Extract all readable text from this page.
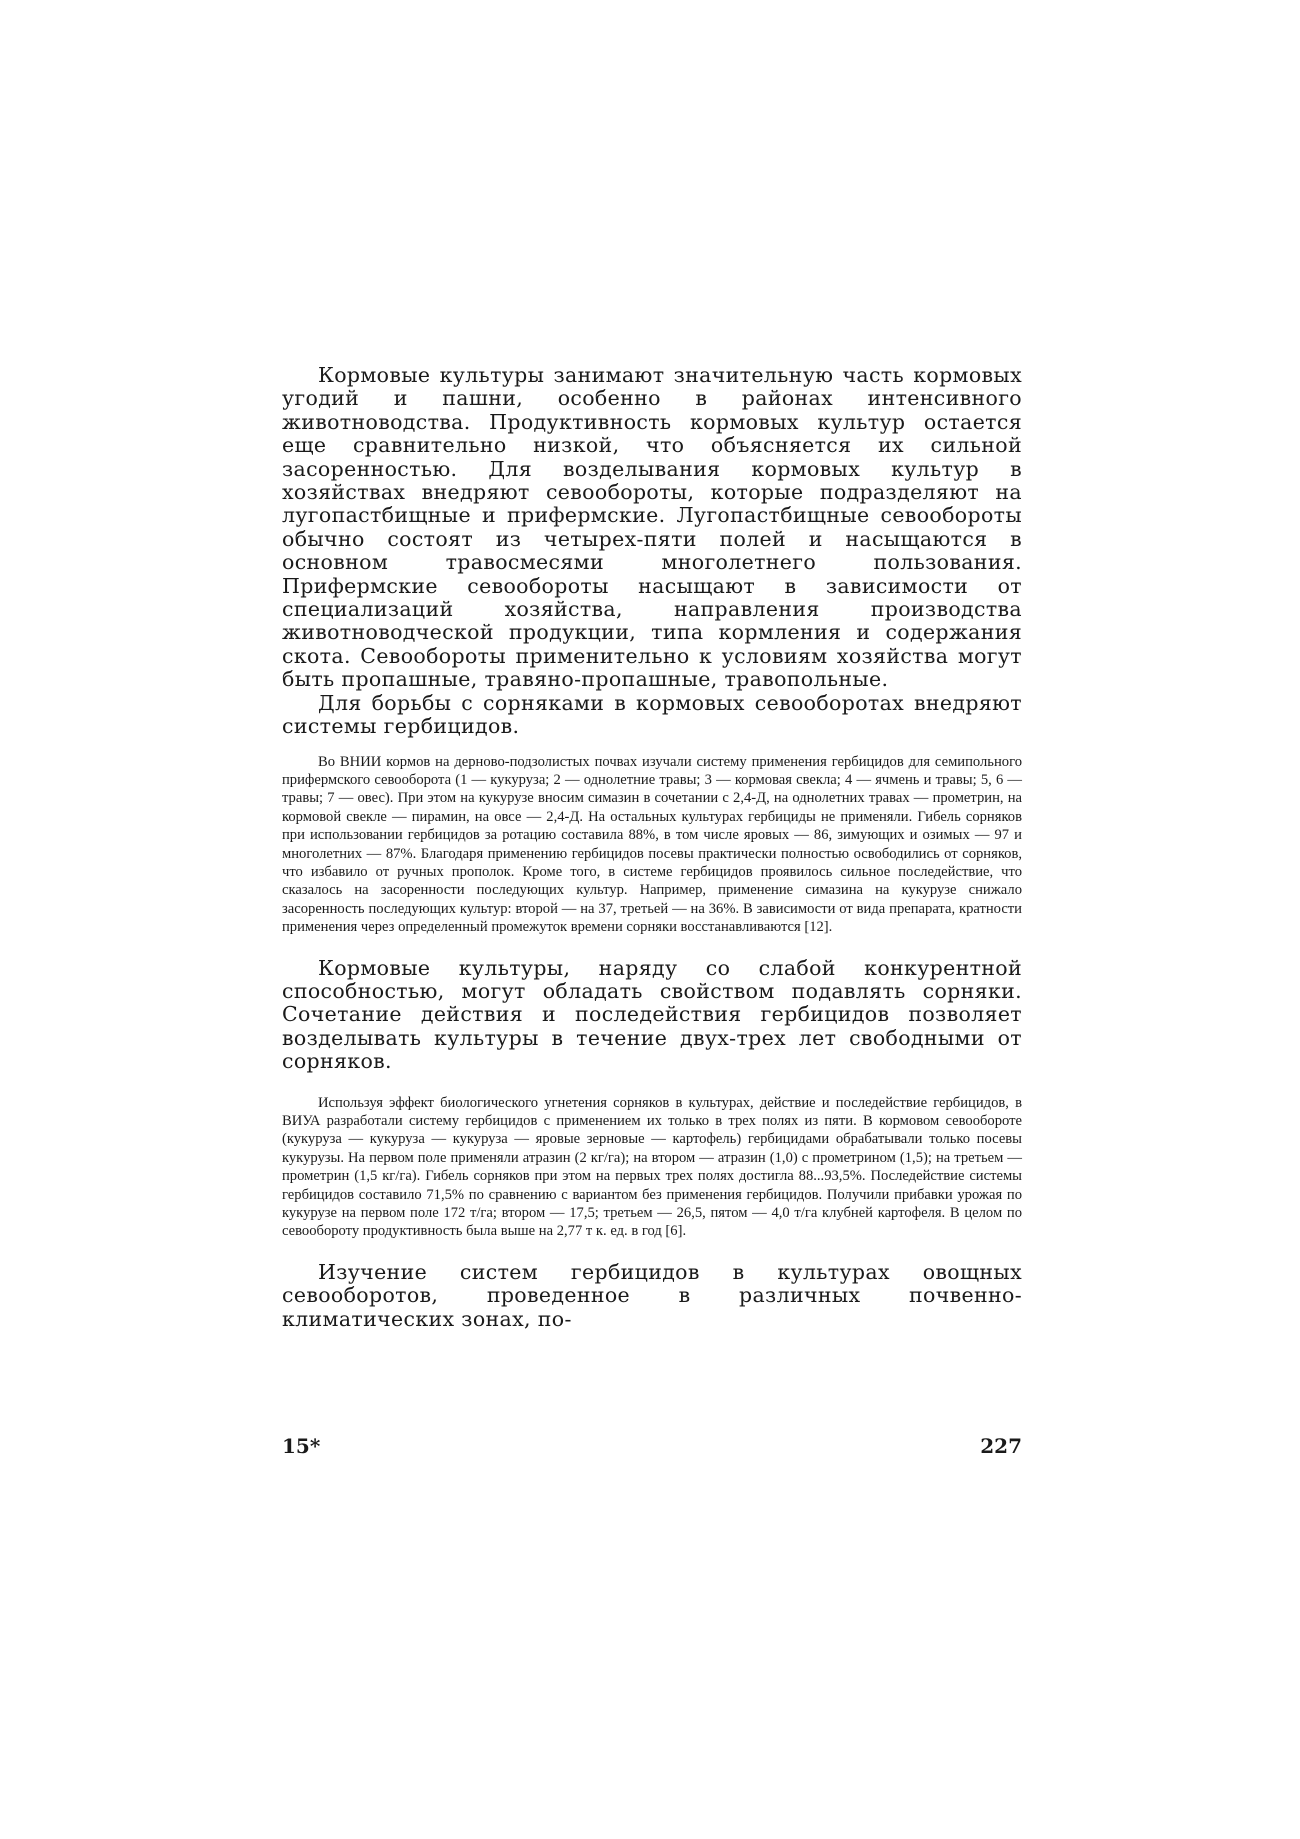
Кормовые культуры занимают значительную часть кормовых угодий и пашни, особенно в районах интенсивного животноводства. Продуктивность кормовых культур остается еще сравнительно низкой, что объясняется их сильной засоренностью. Для возделывания кормовых культур в хозяйствах внедряют севообороты, которые подразделяют на лугопастбищные и прифермские. Лугопастбищные севообороты обычно состоят из четырех-пяти полей и насыщаются в основном травосмесями многолетнего пользования. Прифермские севообороты насыщают в зависимости от специализаций хозяйства, направления производства животноводческой продукции, типа кормления и содержания скота. Севообороты применительно к условиям хозяйства могут быть пропашные, травяно-пропашные, травопольные.

Для борьбы с сорняками в кормовых севооборотах внедряют системы гербицидов.

Во ВНИИ кормов на дерново-подзолистых почвах изучали систему применения гербицидов для семипольного прифермского севооборота (1 — кукуруза; 2 — однолетние травы; 3 — кормовая свекла; 4 — ячмень и травы; 5, 6 — травы; 7 — овес). При этом на кукурузе вносим симазин в сочетании с 2,4-Д, на однолетних травах — прометрин, на кормовой свекле — пирамин, на овсе — 2,4-Д. На остальных культурах гербициды не применяли. Гибель сорняков при использовании гербицидов за ротацию составила 88%, в том числе яровых — 86, зимующих и озимых — 97 и многолетних — 87%. Благодаря применению гербицидов посевы практически полностью освободились от сорняков, что избавило от ручных прополок. Кроме того, в системе гербицидов проявилось сильное последействие, что сказалось на засоренности последующих культур. Например, применение симазина на кукурузе снижало засоренность последующих культур: второй — на 37, третьей — на 36%. В зависимости от вида препарата, кратности применения через определенный промежуток времени сорняки восстанавливаются [12].

Кормовые культуры, наряду со слабой конкурентной способностью, могут обладать свойством подавлять сорняки. Сочетание действия и последействия гербицидов позволяет возделывать культуры в течение двух-трех лет свободными от сорняков.

Используя эффект биологического угнетения сорняков в культурах, действие и последействие гербицидов, в ВИУА разработали систему гербицидов с применением их только в трех полях из пяти. В кормовом севообороте (кукуруза — кукуруза — кукуруза — яровые зерновые — картофель) гербицидами обрабатывали только посевы кукурузы. На первом поле применяли атразин (2 кг/га); на втором — атразин (1,0) с прометрином (1,5); на третьем — прометрин (1,5 кг/га). Гибель сорняков при этом на первых трех полях достигла 88...93,5%. Последействие системы гербицидов составило 71,5% по сравнению с вариантом без применения гербицидов. Получили прибавки урожая по кукурузе на первом поле 172 т/га; втором — 17,5; третьем — 26,5, пятом — 4,0 т/га клубней картофеля. В целом по севообороту продуктивность была выше на 2,77 т к. ед. в год [6].

Изучение систем гербицидов в культурах овощных севооборотов, проведенное в различных почвенно-климатических зонах, по-

15*	227
